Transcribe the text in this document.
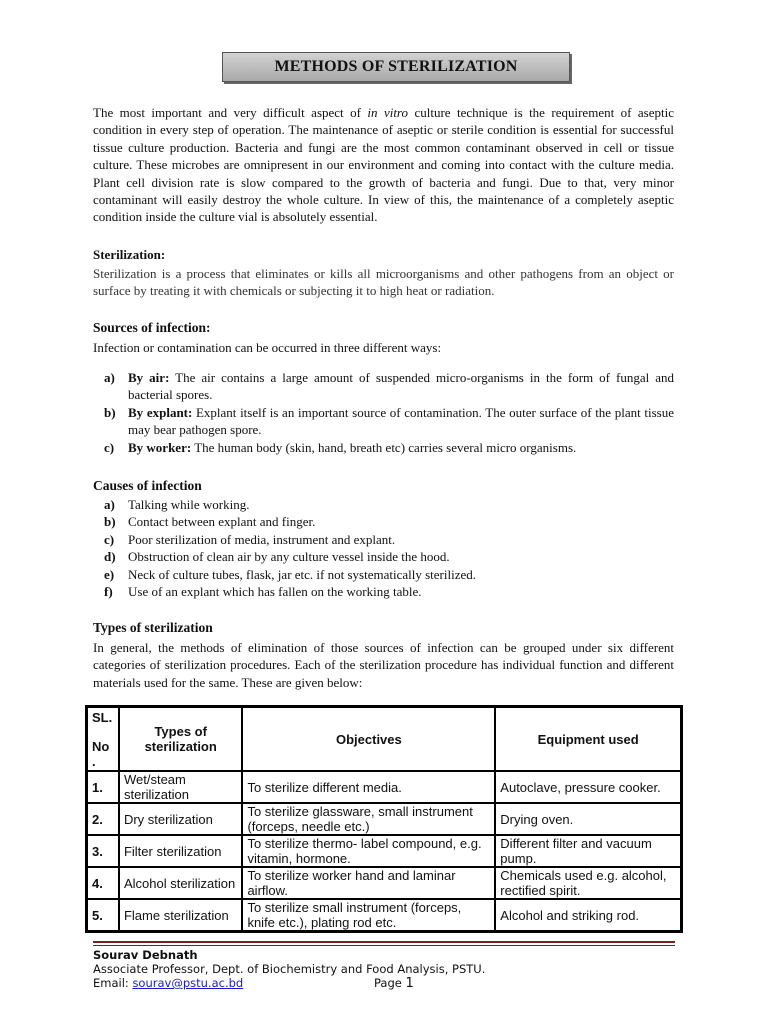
METHODS OF STERILIZATION

The most important and very difficult aspect of in vitro culture technique is the requirement of aseptic condition in every step of operation. The maintenance of aseptic or sterile condition is essential for successful tissue culture production. Bacteria and fungi are the most common contaminant observed in cell or tissue culture. These microbes are omnipresent in our environment and coming into contact with the culture media. Plant cell division rate is slow compared to the growth of bacteria and fungi. Due to that, very minor contaminant will easily destroy the whole culture. In view of this, the maintenance of a completely aseptic condition inside the culture vial is absolutely essential.

Sterilization:

Sterilization is a process that eliminates or kills all microorganisms and other pathogens from an object or surface by treating it with chemicals or subjecting it to high heat or radiation.

Sources of infection:

Infection or contamination can be occurred in three different ways:

a)	By air: The air contains a large amount of suspended micro-organisms in the form of fungal and bacterial spores.
b) By explant: Explant itself is an important source of contamination. The outer surface of the plant tissue may bear pathogen spore.
c)	By worker: The human body (skin, hand, breath etc) carries several micro organisms.

Causes of infection

a)	Talking while working.
b) Contact between explant and finger.
c)	Poor sterilization of media, instrument and explant.
d) Obstruction of clean air by any culture vessel inside the hood.
e)	Neck of culture tubes, flask, jar etc. if not systematically sterilized.
f)	Use of an explant which has fallen on the working table.

Types of sterilization

In general, the methods of elimination of those sources of infection can be grouped under six different categories of sterilization procedures. Each of the sterilization procedure has individual function and different materials used for the same. These are given below:

SL.
No
.	Types of sterilization	Objectives	Equipment used
1.	Wet/steam sterilization	To sterilize different media.	Autoclave, pressure cooker.
2.	Dry sterilization	To sterilize glassware, small instrument (forceps, needle etc.)	Drying oven.
3.	Filter sterilization	To sterilize thermo- label compound, e.g. vitamin, hormone.	Different filter and vacuum pump.
4.	Alcohol sterilization	To sterilize worker hand and laminar airflow.	Chemicals used e.g. alcohol, rectified spirit.
5.	Flame sterilization	To sterilize small instrument (forceps, knife etc.), plating rod etc.	Alcohol and striking rod.

Sourav Debnath

Associate Professor, Dept. of Biochemistry and Food Analysis, PSTU.

Email: sourav@pstu.ac.bd	Page 1
